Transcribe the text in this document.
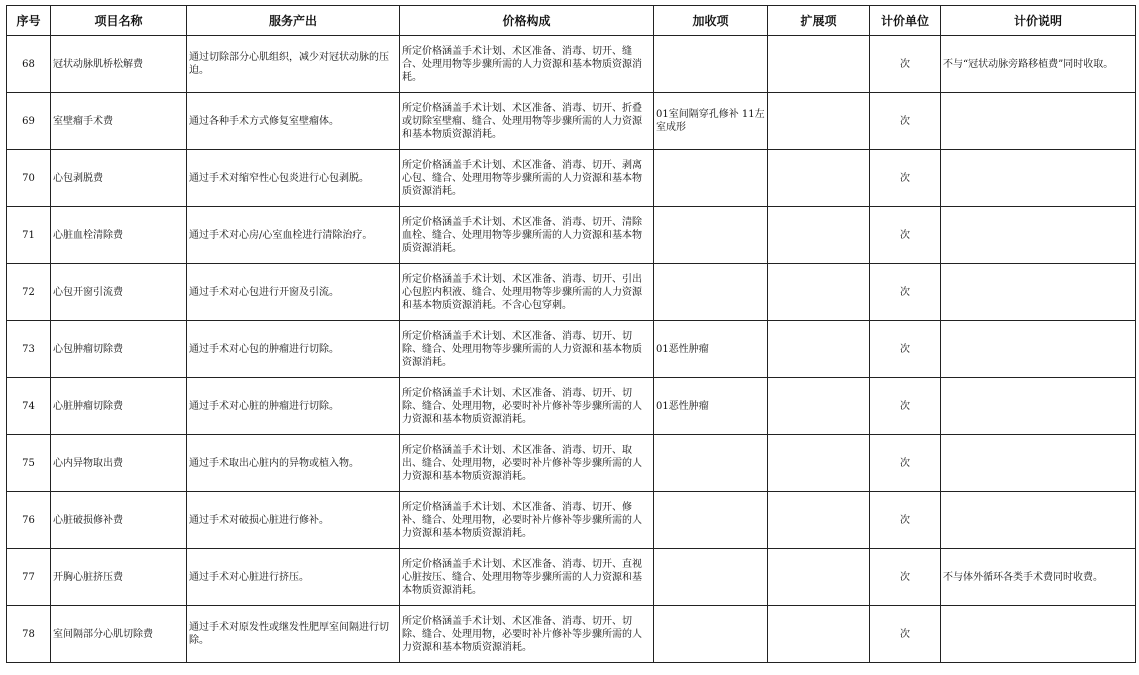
序号	项目名称	服务产出	价格构成	加收项	扩展项	计价单位	计价说明
68	冠状动脉肌桥松解费	通过切除部分心肌组织，减少对冠状动脉的压迫。	所定价格涵盖手术计划、术区准备、消毒、切开、缝合、处理用物等步骤所需的人力资源和基本物质资源消耗。			次	不与“冠状动脉旁路移植费”同时收取。
69	室壁瘤手术费	通过各种手术方式修复室壁瘤体。	所定价格涵盖手术计划、术区准备、消毒、切开、折叠或切除室壁瘤、缝合、处理用物等步骤所需的人力资源和基本物质资源消耗。	01室间隔穿孔修补 11左室成形		次	
70	心包剥脱费	通过手术对缩窄性心包炎进行心包剥脱。	所定价格涵盖手术计划、术区准备、消毒、切开、剥离心包、缝合、处理用物等步骤所需的人力资源和基本物质资源消耗。			次	
71	心脏血栓清除费	通过手术对心房/心室血栓进行清除治疗。	所定价格涵盖手术计划、术区准备、消毒、切开、清除血栓、缝合、处理用物等步骤所需的人力资源和基本物质资源消耗。			次	
72	心包开窗引流费	通过手术对心包进行开窗及引流。	所定价格涵盖手术计划、术区准备、消毒、切开、引出心包腔内积液、缝合、处理用物等步骤所需的人力资源和基本物质资源消耗。不含心包穿刺。			次	
73	心包肿瘤切除费	通过手术对心包的肿瘤进行切除。	所定价格涵盖手术计划、术区准备、消毒、切开、切除、缝合、处理用物等步骤所需的人力资源和基本物质资源消耗。	01恶性肿瘤		次	
74	心脏肿瘤切除费	通过手术对心脏的肿瘤进行切除。	所定价格涵盖手术计划、术区准备、消毒、切开、切除、缝合、处理用物，必要时补片修补等步骤所需的人力资源和基本物质资源消耗。	01恶性肿瘤		次	
75	心内异物取出费	通过手术取出心脏内的异物或植入物。	所定价格涵盖手术计划、术区准备、消毒、切开、取出、缝合、处理用物，必要时补片修补等步骤所需的人力资源和基本物质资源消耗。			次	
76	心脏破损修补费	通过手术对破损心脏进行修补。	所定价格涵盖手术计划、术区准备、消毒、切开、修补、缝合、处理用物，必要时补片修补等步骤所需的人力资源和基本物质资源消耗。			次	
77	开胸心脏挤压费	通过手术对心脏进行挤压。	所定价格涵盖手术计划、术区准备、消毒、切开、直视心脏按压、缝合、处理用物等步骤所需的人力资源和基本物质资源消耗。			次	不与体外循环各类手术费同时收费。
78	室间隔部分心肌切除费	通过手术对原发性或继发性肥厚室间隔进行切除。	所定价格涵盖手术计划、术区准备、消毒、切开、切除、缝合、处理用物，必要时补片修补等步骤所需的人力资源和基本物质资源消耗。			次	
